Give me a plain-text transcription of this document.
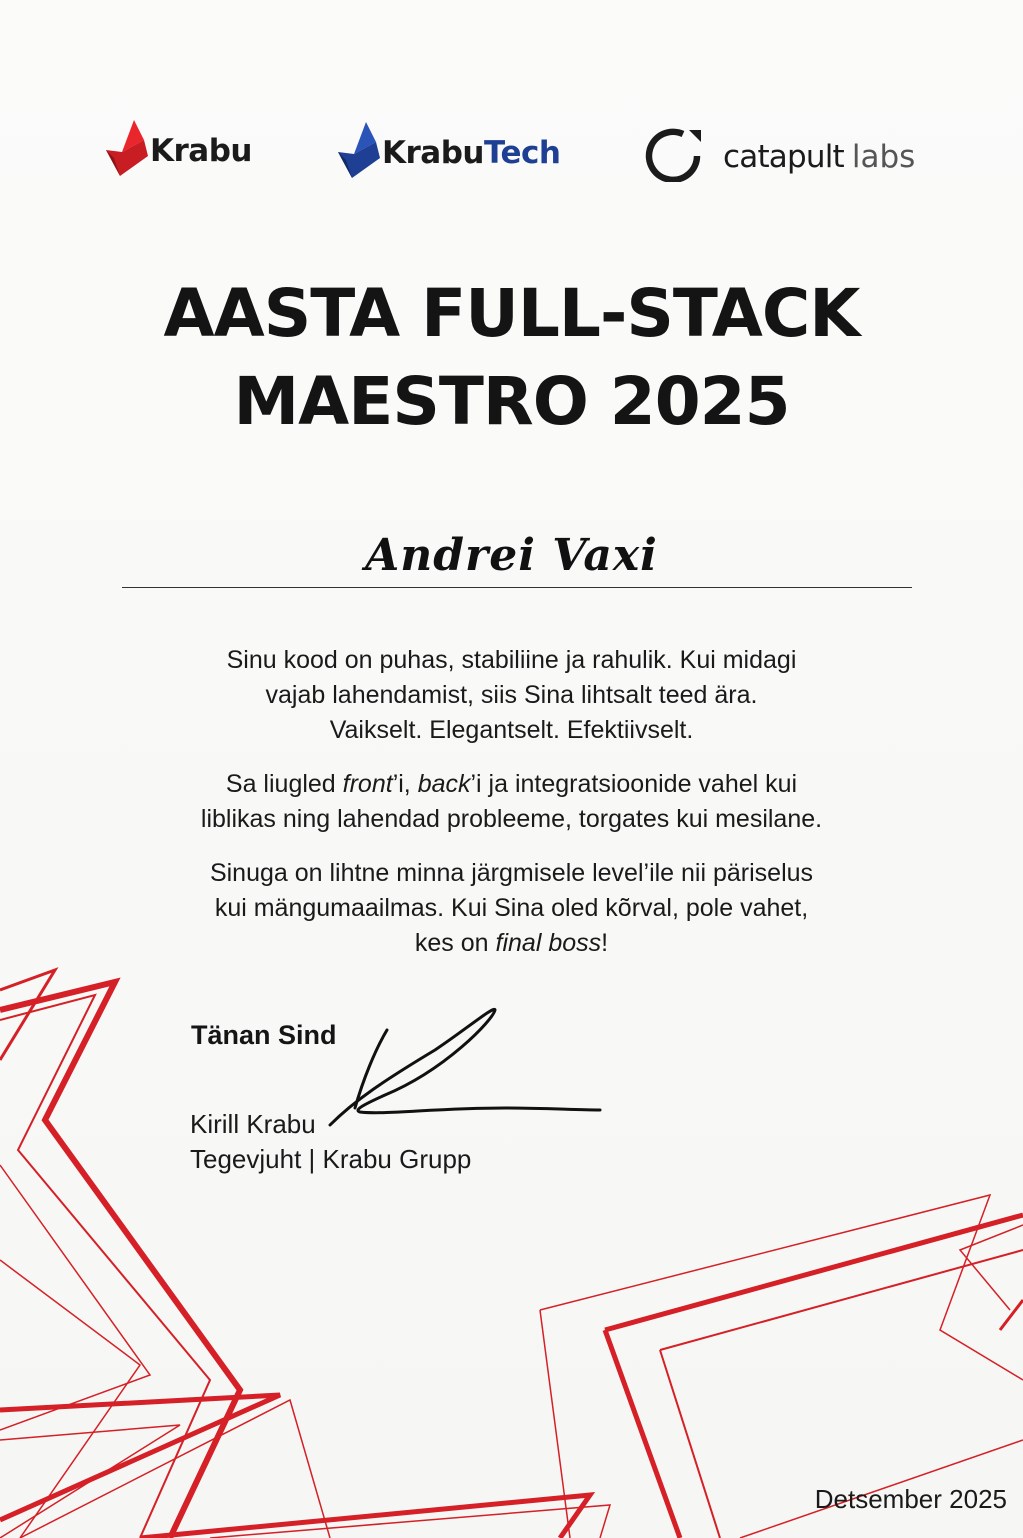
Krabu	Krabu Tech	catapult labs
AASTA FULL-STACK
MAESTRO 2025
Andrei Vaxi
Sinu kood on puhas, stabiliine ja rahulik. Kui midagi
vajab lahendamist, siis Sina lihtsalt teed ära.
Vaikselt. Elegantselt. Efektiivselt.
Sa liugled front’i, back’i ja integratsioonide vahel kui
liblikas ning lahendad probleeme, torgates kui mesilane.
Sinuga on lihtne minna järgmisele level’ile nii päriselus
kui mängumaailmas. Kui Sina oled kõrval, pole vahet,
kes on final boss!
Tänan Sind
Kirill Krabu
Tegevjuht | Krabu Grupp
Detsember 2025
